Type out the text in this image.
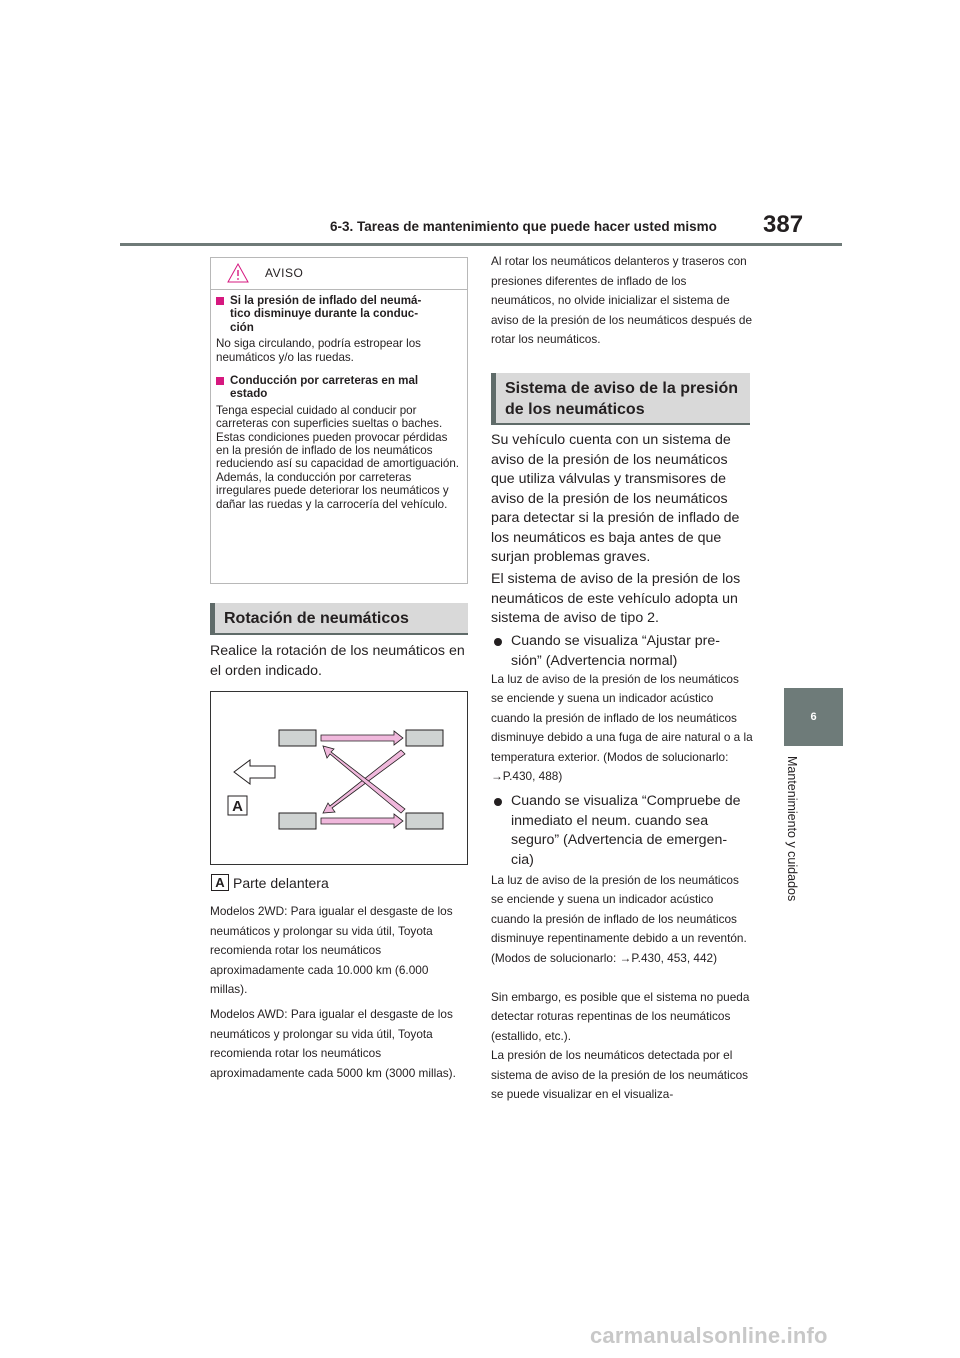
6-3. Tareas de mantenimiento que puede hacer usted mismo 387
6
Mantenimiento y cuidados
AVISO
Si la presión de inflado del neumá-
tico disminuye durante la conduc-
ción

No siga circulando, podría estropear los neumáticos y/o las ruedas.

Conducción por carreteras en mal
estado
Tenga especial cuidado al conducir por carreteras con superficies sueltas o baches.
Estas condiciones pueden provocar pérdidas en la presión de inflado de los neumáticos reduciendo así su capacidad de amortiguación. Además, la conducción por carreteras irregulares puede deteriorar los neumáticos y dañar las ruedas y la carrocería del vehículo.
Rotación de neumáticos
Realice la rotación de los neumáticos en el orden indicado.
A
A Parte delantera
Modelos 2WD: Para igualar el desgaste de los neumáticos y prolongar su vida útil, Toyota recomienda rotar los neumáticos aproximadamente cada 10.000 km (6.000 millas).
Modelos AWD: Para igualar el desgaste de los neumáticos y prolongar su vida útil, Toyota recomienda rotar los neumáticos aproximadamente cada 5000 km (3000 millas).
Al rotar los neumáticos delanteros y traseros con presiones diferentes de inflado de los neumáticos, no olvide inicializar el sistema de aviso de la presión de los neumáticos después de rotar los neumáticos.
Sistema de aviso de la presión
de los neumáticos
Su vehículo cuenta con un sistema de aviso de la presión de los neumáticos que utiliza válvulas y transmisores de aviso de la presión de los neumáticos para detectar si la presión de inflado de los neumáticos es baja antes de que surjan problemas graves.
El sistema de aviso de la presión de los neumáticos de este vehículo adopta un sistema de aviso de tipo 2.
Cuando se visualiza “Ajustar pre-
sión” (Advertencia normal)
La luz de aviso de la presión de los neumáticos se enciende y suena un indicador acústico cuando la presión de inflado de los neumáticos disminuye debido a una fuga de aire natural o a la temperatura exterior. (Modos de solucionarlo: →P.430, 488)
Cuando se visualiza “Compruebe de
inmediato el neum. cuando sea
seguro” (Advertencia de emergen-
cia)
La luz de aviso de la presión de los neumáticos se enciende y suena un indicador acústico cuando la presión de inflado de los neumáticos disminuye repentinamente debido a un reventón. (Modos de solucionarlo: →P.430, 453, 442)
Sin embargo, es posible que el sistema no pueda detectar roturas repentinas de los neumáticos (estallido, etc.).
La presión de los neumáticos detectada por el sistema de aviso de la presión de los neumáticos se puede visualizar en el visualiza-
carmanualsonline.info
